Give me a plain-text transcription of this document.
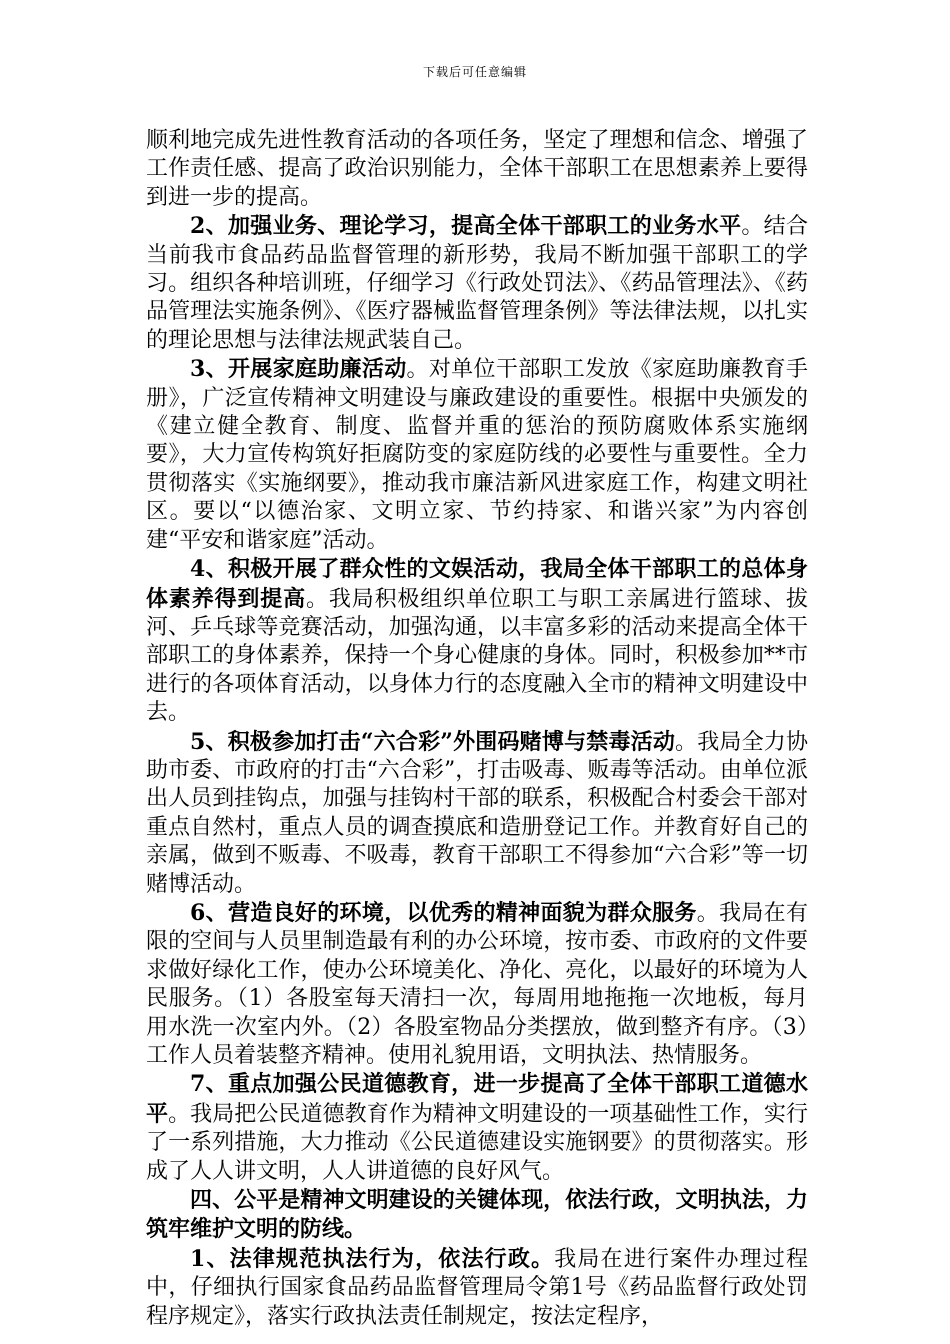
下载后可任意编辑

顺利地完成先进性教育活动的各项任务，坚定了理想和信念、增强了工作责任感、提高了政治识别能力，全体干部职工在思想素养上要得到进一步的提高。

2、加强业务、理论学习，提高全体干部职工的业务水平。结合当前我市食品药品监督管理的新形势，我局不断加强干部职工的学习。组织各种培训班，仔细学习《行政处罚法》、《药品管理法》、《药品管理法实施条例》、《医疗器械监督管理条例》等法律法规，以扎实的理论思想与法律法规武装自己。

3、开展家庭助廉活动。对单位干部职工发放《家庭助廉教育手册》，广泛宣传精神文明建设与廉政建设的重要性。根据中央颁发的《建立健全教育、制度、监督并重的惩治的预防腐败体系实施纲要》，大力宣传构筑好拒腐防变的家庭防线的必要性与重要性。全力贯彻落实《实施纲要》，推动我市廉洁新风进家庭工作，构建文明社区。要以“以德治家、文明立家、节约持家、和谐兴家”为内容创建“平安和谐家庭”活动。

4、积极开展了群众性的文娱活动，我局全体干部职工的总体身体素养得到提高。我局积极组织单位职工与职工亲属进行篮球、拔河、乒乓球等竞赛活动，加强沟通，以丰富多彩的活动来提高全体干部职工的身体素养，保持一个身心健康的身体。同时，积极参加**市进行的各项体育活动，以身体力行的态度融入全市的精神文明建设中去。

5、积极参加打击“六合彩”外围码赌博与禁毒活动。我局全力协助市委、市政府的打击“六合彩”，打击吸毒、贩毒等活动。由单位派出人员到挂钩点，加强与挂钩村干部的联系，积极配合村委会干部对重点自然村，重点人员的调查摸底和造册登记工作。并教育好自己的亲属，做到不贩毒、不吸毒，教育干部职工不得参加“六合彩”等一切赌博活动。

6、营造良好的环境，以优秀的精神面貌为群众服务。我局在有限的空间与人员里制造最有利的办公环境，按市委、市政府的文件要求做好绿化工作，使办公环境美化、净化、亮化，以最好的环境为人民服务。（1）各股室每天清扫一次，每周用地拖拖一次地板，每月用水洗一次室内外。（2）各股室物品分类摆放，做到整齐有序。（3）工作人员着装整齐精神。使用礼貌用语，文明执法、热情服务。

7、重点加强公民道德教育，进一步提高了全体干部职工道德水平。我局把公民道德教育作为精神文明建设的一项基础性工作，实行了一系列措施，大力推动《公民道德建设实施钢要》的贯彻落实。形成了人人讲文明，人人讲道德的良好风气。

四、公平是精神文明建设的关键体现，依法行政，文明执法，力筑牢维护文明的防线。

1、法律规范执法行为，依法行政。我局在进行案件办理过程中，仔细执行国家食品药品监督管理局令第1号《药品监督行政处罚程序规定》，落实行政执法责任制规定，按法定程序，
